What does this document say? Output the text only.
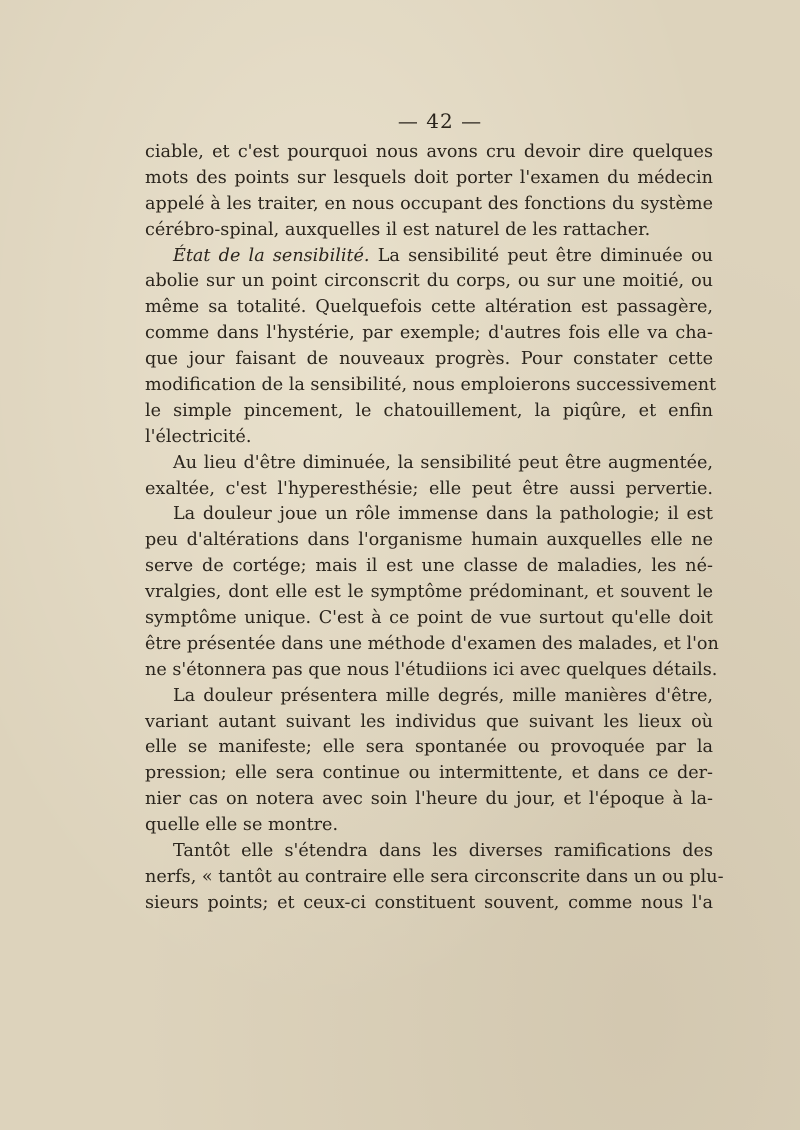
— 42 —
ciable, et c'est pourquoi nous avons cru devoir dire quelques
mots des points sur lesquels doit porter l'examen du médecin
appelé à les traiter, en nous occupant des fonctions du système
cérébro-spinal, auxquelles il est naturel de les rattacher.
État de la sensibilité. La sensibilité peut être diminuée ou
abolie sur un point circonscrit du corps, ou sur une moitié, ou
même sa totalité. Quelquefois cette altération est passagère,
comme dans l'hystérie, par exemple; d'autres fois elle va cha-
que jour faisant de nouveaux progrès. Pour constater cette
modification de la sensibilité, nous emploierons successivement
le simple pincement, le chatouillement, la piqûre, et enfin
l'électricité.
Au lieu d'être diminuée, la sensibilité peut être augmentée,
exaltée, c'est l'hyperesthésie; elle peut être aussi pervertie.
La douleur joue un rôle immense dans la pathologie; il est
peu d'altérations dans l'organisme humain auxquelles elle ne
serve de cortége; mais il est une classe de maladies, les né-
vralgies, dont elle est le symptôme prédominant, et souvent le
symptôme unique. C'est à ce point de vue surtout qu'elle doit
être présentée dans une méthode d'examen des malades, et l'on
ne s'étonnera pas que nous l'étudiions ici avec quelques détails.
La douleur présentera mille degrés, mille manières d'être,
variant autant suivant les individus que suivant les lieux où
elle se manifeste; elle sera spontanée ou provoquée par la
pression; elle sera continue ou intermittente, et dans ce der-
nier cas on notera avec soin l'heure du jour, et l'époque à la-
quelle elle se montre.
Tantôt elle s'étendra dans les diverses ramifications des
nerfs, « tantôt au contraire elle sera circonscrite dans un ou plu-
sieurs points; et ceux-ci constituent souvent, comme nous l'a
